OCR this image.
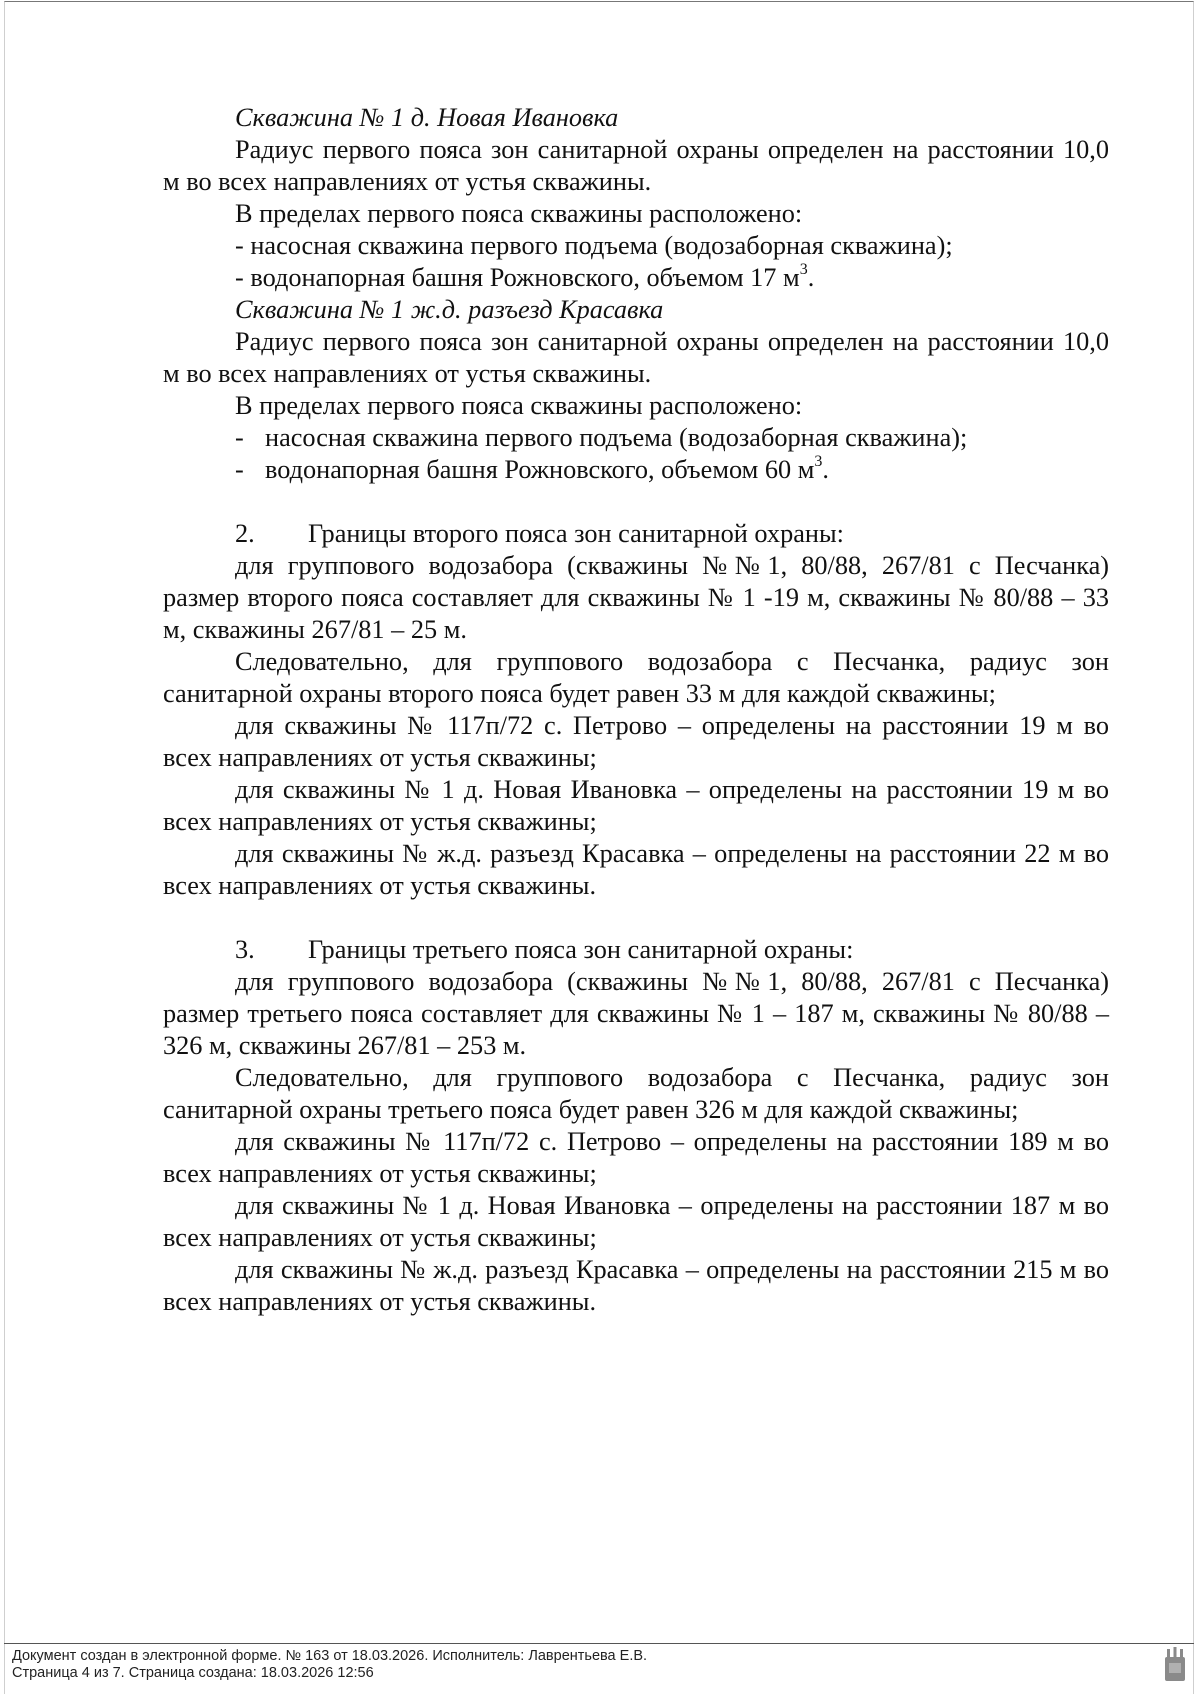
Скважина № 1 д. Новая Ивановка

Радиус первого пояса зон санитарной охраны определен на расстоянии 10,0 м во всех направлениях от устья скважины.

В пределах первого пояса скважины расположено:

- насосная скважина первого подъема (водозаборная скважина);

- водонапорная башня Рожновского, объемом 17 $м^3$.

Скважина № 1 ж.д. разъезд Красавка

Радиус первого пояса зон санитарной охраны определен на расстоянии 10,0 м во всех направлениях от устья скважины.

В пределах первого пояса скважины расположено:

- насосная скважина первого подъема (водозаборная скважина);

- водонапорная башня Рожновского, объемом 60 $м^3$.

2.	Границы второго пояса зон санитарной охраны:

для группового водозабора (скважины №№1, 80/88, 267/81 с Песчанка) размер второго пояса составляет для скважины № 1 -19 м, скважины № 80/88 – 33 м, скважины 267/81 – 25 м.

Следовательно, для группового водозабора с Песчанка, радиус зон санитарной охраны второго пояса будет равен 33 м для каждой скважины;

для скважины № 117п/72 с. Петрово – определены на расстоянии 19 м во всех направлениях от устья скважины;

для скважины № 1 д. Новая Ивановка – определены на расстоянии 19 м во всех направлениях от устья скважины;

для скважины № ж.д. разъезд Красавка – определены на расстоянии 22 м во всех направлениях от устья скважины.

3.	Границы третьего пояса зон санитарной охраны:

для группового водозабора (скважины №№1, 80/88, 267/81 с Песчанка) размер третьего пояса составляет для скважины № 1 – 187 м, скважины № 80/88 – 326 м, скважины 267/81 – 253 м.

Следовательно, для группового водозабора с Песчанка, радиус зон санитарной охраны третьего пояса будет равен 326 м для каждой скважины;

для скважины № 117п/72 с. Петрово – определены на расстоянии 189 м во всех направлениях от устья скважины;

для скважины № 1 д. Новая Ивановка – определены на расстоянии 187 м во всех направлениях от устья скважины;

для скважины № ж.д. разъезд Красавка – определены на расстоянии 215 м во всех направлениях от устья скважины.

Документ создан в электронной форме. № 163 от 18.03.2026. Исполнитель: Лаврентьева Е.В.
Страница 4 из 7. Страница создана: 18.03.2026 12:56
